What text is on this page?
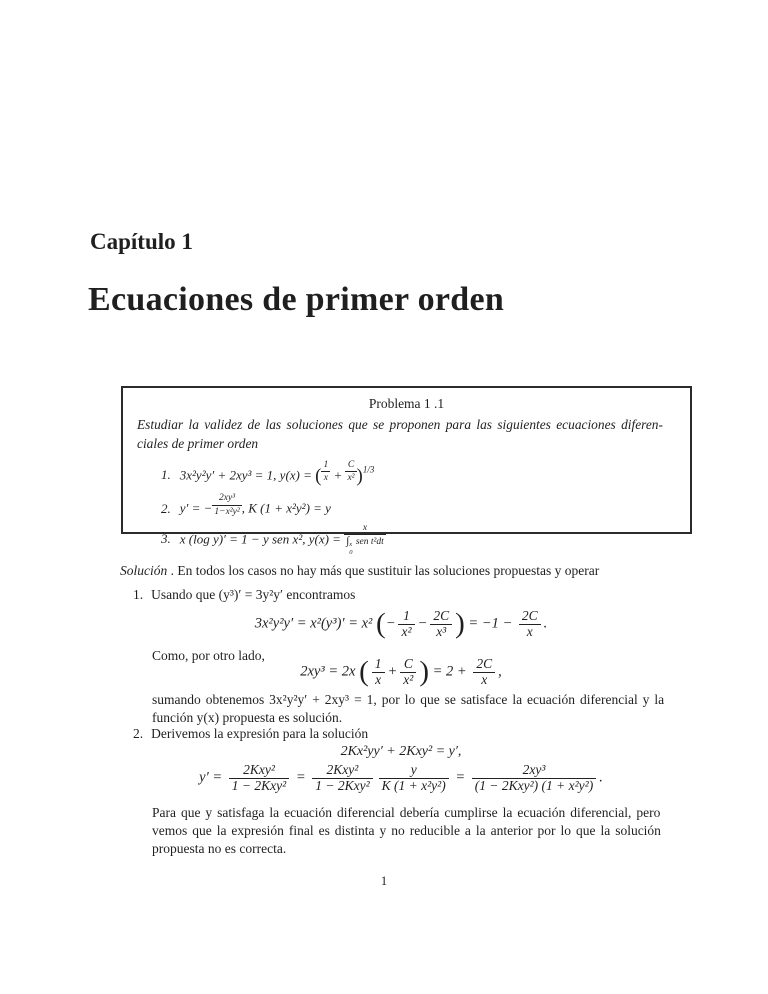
Capítulo 1
Ecuaciones de primer orden
Problema 1 .1
Estudiar la validez de las soluciones que se proponen para las siguientes ecuaciones diferen-
ciales de primer orden
1. 3x²y²y′ + 2xy³ = 1, y(x) = ( $\frac{1}{x} + \frac{C}{\text{x²}} )^{1/3}$
2. y′ = − $\frac{\text{2xy³}}{\text{1−x²y²}}$ , K (1 + x²y²) = y
3. x (log y)′ = 1 − y sen x², y(x) =
x
∫ x
0
sen t²dt
Solución . En todos los casos no hay más que sustituir las soluciones propuestas y operar
1. Usando que (y³)′ = 3y²y′ encontramos
3x²y²y′ = x²(y³)′ = x² (− $\frac{1}{\text{x²}} - \frac{2C}{\text{x³}}$ ) = $-1 - \frac{2C}{x}$ .
Como, por otro lado,
2xy³ = 2x ( $\frac{1}{x} + \frac{C}{\text{x²}}$ ) = $2 + \frac{2C}{x}$ ,
sumando obtenemos 3x²y²y′ + 2xy³ = 1, por lo que se satisface la ecuación diferencial y la
función y(x) propuesta es solución.
2. Derivemos la expresión para la solución
2Kx²yy′ + 2Kxy² = y′,
y′ =
2Kxy²
1 − 2Kxy² =
2Kxy²
$1 - 2Kxy^2 \frac{y}{\text{K (1 + x²y²)}}$ =
2xy³
(1 − 2Kxy²) (1 + x²y²) .
Para que y satisfaga la ecuación diferencial debería cumplirse la ecuación diferencial, pero
vemos que la expresión final es distinta y no reducible a la anterior por lo que la solución
propuesta no es correcta.
1
